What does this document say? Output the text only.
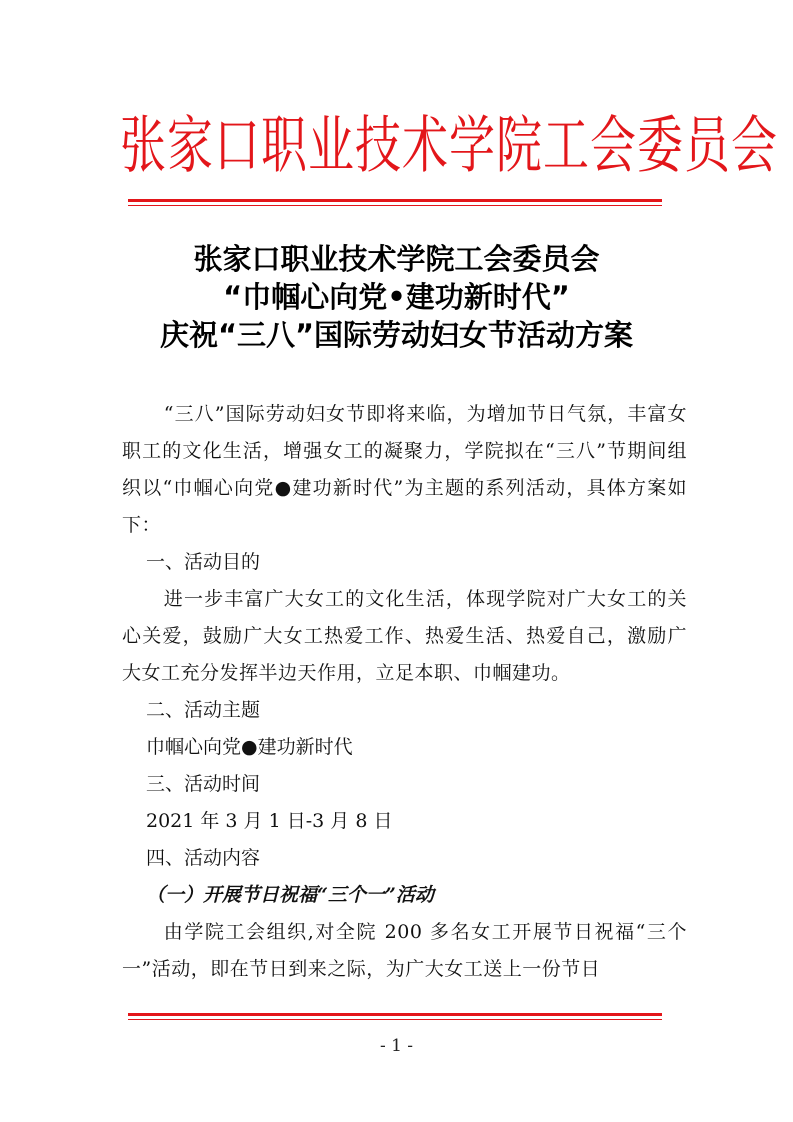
张家口职业技术学院工会委员会
张家口职业技术学院工会委员会
“巾帼心向党•建功新时代”
庆祝“三八”国际劳动妇女节活动方案

“三八”国际劳动妇女节即将来临，为增加节日气氛，丰富女职工的文化生活，增强女工的凝聚力，学院拟在“三八”节期间组织以“巾帼心向党●建功新时代”为主题的系列活动，具体方案如下：

一、活动目的

进一步丰富广大女工的文化生活，体现学院对广大女工的关心关爱，鼓励广大女工热爱工作、热爱生活、热爱自己，激励广大女工充分发挥半边天作用，立足本职、巾帼建功。

二、活动主题

巾帼心向党●建功新时代

三、活动时间

2021 年 3 月 1 日-3 月 8 日

四、活动内容

（一）开展节日祝福“三个一”活动

由学院工会组织,对全院 200 多名女工开展节日祝福“三个一”活动，即在节日到来之际，为广大女工送上一份节日

- 1 -
